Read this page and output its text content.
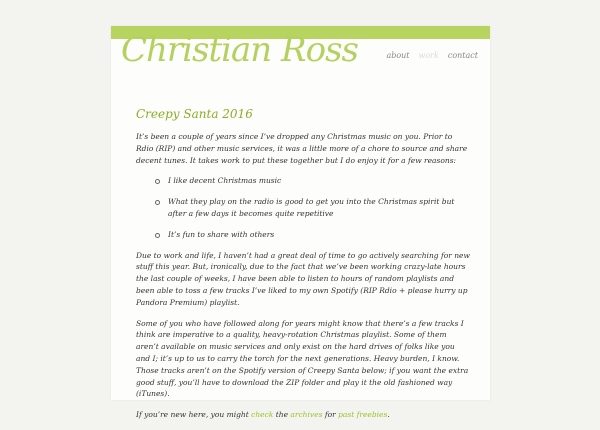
Christian Ross	about work contact
Creepy Santa 2016

It’s been a couple of years since I’ve dropped any Christmas music on you. Prior to Rdio (RIP) and other music services, it was a little more of a chore to source and share decent tunes. It takes work to put these together but I do enjoy it for a few reasons:

I like decent Christmas music
What they play on the radio is good to get you into the Christmas spirit but after a few days it becomes quite repetitive
It’s fun to share with others

Due to work and life, I haven’t had a great deal of time to go actively searching for new stuff this year. But, ironically, due to the fact that we’ve been working crazy-late hours the last couple of weeks, I have been able to listen to hours of random playlists and been able to toss a few tracks I’ve liked to my own Spotify (RIP Rdio + please hurry up Pandora Premium) playlist.

Some of you who have followed along for years might know that there’s a few tracks I think are imperative to a quality, heavy-rotation Christmas playlist. Some of them aren’t available on music services and only exist on the hard drives of folks like you and I; it’s up to us to carry the torch for the next generations. Heavy burden, I know. Those tracks aren’t on the Spotify version of Creepy Santa below; if you want the extra good stuff, you’ll have to download the ZIP folder and play it the old fashioned way (iTunes).

If you’re new here, you might check the archives for past freebies.
